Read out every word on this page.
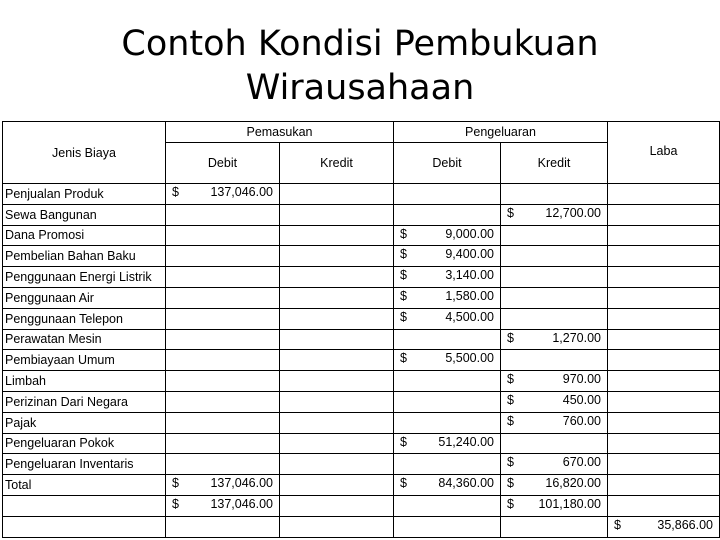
Contoh Kondisi Pembukuan
Wirausahaan
Jenis Biaya	Pemasukan		Pengeluaran		Laba
	Debit	Kredit	Debit	Kredit	
Penjualan Produk	$ 137,046.00				

Sewa Bangunan				$ 12,700.00	

Dana Promosi			$ 9,000.00		

Pembelian Bahan Baku			$ 9,400.00		

Penggunaan Energi Listrik			$ 3,140.00		

Penggunaan Air			$ 1,580.00		

Penggunaan Telepon			$ 4,500.00		

Perawatan Mesin				$ 1,270.00	

Pembiayaan Umum			$ 5,500.00		

Limbah				$ 970.00	

Perizinan Dari Negara				$ 450.00	

Pajak				$ 760.00	

Pengeluaran Pokok			$ 51,240.00		

Pengeluaran Inventaris				$ 670.00	

Total	$ 137,046.00		$ 84,360.00	$ 16,820.00	

	$ 137,046.00			$ 101,180.00	

					$ 35,866.00
